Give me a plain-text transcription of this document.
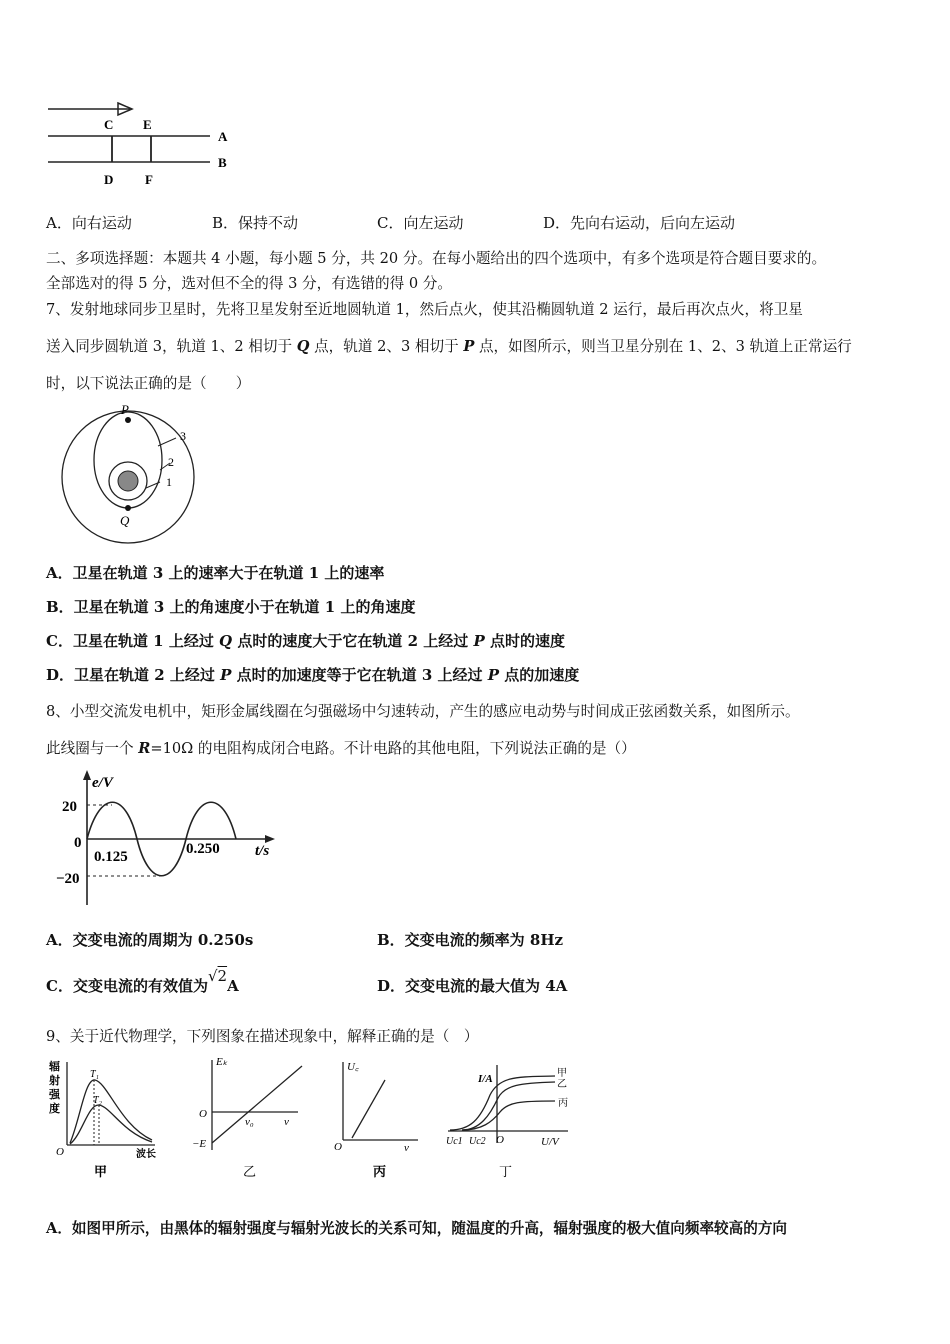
C E
A
B
D F
A．向右运动	B．保持不动	C．向左运动	D．先向右运动，后向左运动
二、多项选择题：本题共 4 小题，每小题 5 分，共 20 分。在每小题给出的四个选项中，有多个选项是符合题目要求的。
全部选对的得 5 分，选对但不全的得 3 分，有选错的得 0 分。
7、发射地球同步卫星时，先将卫星发射至近地圆轨道 1，然后点火，使其沿椭圆轨道 2 运行，最后再次点火，将卫星
送入同步圆轨道 3，轨道 1、2 相切于 Q 点，轨道 2、3 相切于 P 点，如图所示，则当卫星分别在 1、2、3 轨道上正常运行
时，以下说法正确的是（　　）
P
Q
3
2
1
A．卫星在轨道 3 上的速率大于在轨道 1 上的速率
B．卫星在轨道 3 上的角速度小于在轨道 1 上的角速度
C．卫星在轨道 1 上经过 Q 点时的速度大于它在轨道 2 上经过 P 点时的速度
D．卫星在轨道 2 上经过 P 点时的加速度等于它在轨道 3 上经过 P 点的加速度
8、小型交流发电机中，矩形金属线圈在匀强磁场中匀速转动，产生的感应电动势与时间成正弦函数关系，如图所示。
此线圈与一个 R=10Ω 的电阻构成闭合电路。不计电路的其他电阻，下列说法正确的是（）
e/V
20
0
−20
0.125	0.250 t/s
A．交变电流的周期为 0.250s	B．交变电流的频率为 8Hz
C．交变电流的有效值为√2A	D．交变电流的最大值为 4A
9、关于近代物理学，下列图象在描述现象中，解释正确的是（　）
辐
射
强
度
T₁
T₂
O	波长
甲
Eₖ
O
ν₀	ν
−E
乙
U꜀
O	ν
丙
I/A	甲
乙
丙
Uc1 Uc2 O	U/V
丁
A．如图甲所示，由黑体的辐射强度与辐射光波长的关系可知，随温度的升高，辐射强度的极大值向频率较高的方向
